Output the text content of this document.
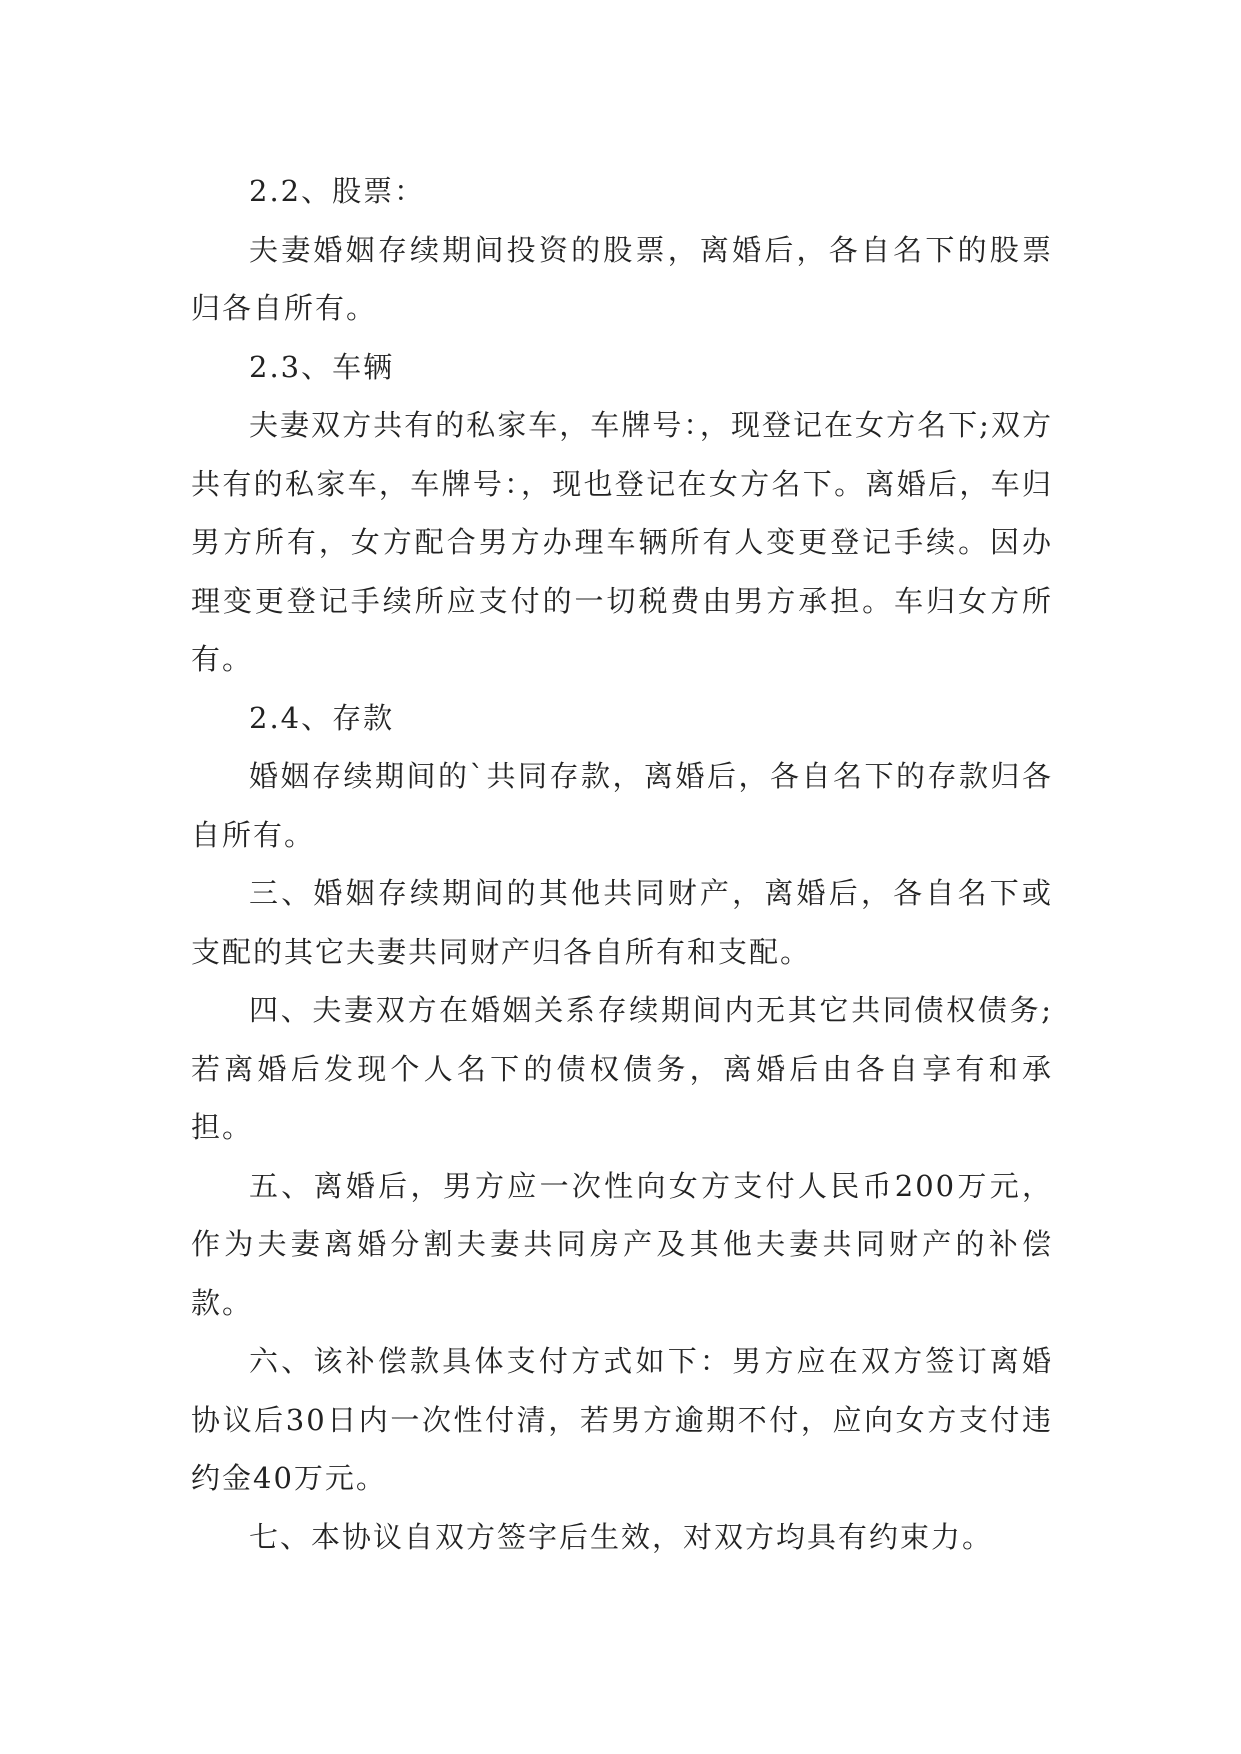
2.2、股票：

夫妻婚姻存续期间投资的股票，离婚后，各自名下的股票归各自所有。

2.3、车辆

夫妻双方共有的私家车，车牌号：，现登记在女方名下;双方共有的私家车，车牌号：，现也登记在女方名下。离婚后，车归男方所有，女方配合男方办理车辆所有人变更登记手续。因办理变更登记手续所应支付的一切税费由男方承担。车归女方所有。

2.4、存款

婚姻存续期间的`共同存款，离婚后，各自名下的存款归各自所有。

三、婚姻存续期间的其他共同财产，离婚后，各自名下或支配的其它夫妻共同财产归各自所有和支配。

四、夫妻双方在婚姻关系存续期间内无其它共同债权债务;若离婚后发现个人名下的债权债务，离婚后由各自享有和承担。

五、离婚后，男方应一次性向女方支付人民币200万元，作为夫妻离婚分割夫妻共同房产及其他夫妻共同财产的补偿款。

六、该补偿款具体支付方式如下：男方应在双方签订离婚协议后30日内一次性付清，若男方逾期不付，应向女方支付违约金40万元。

七、本协议自双方签字后生效，对双方均具有约束力。
